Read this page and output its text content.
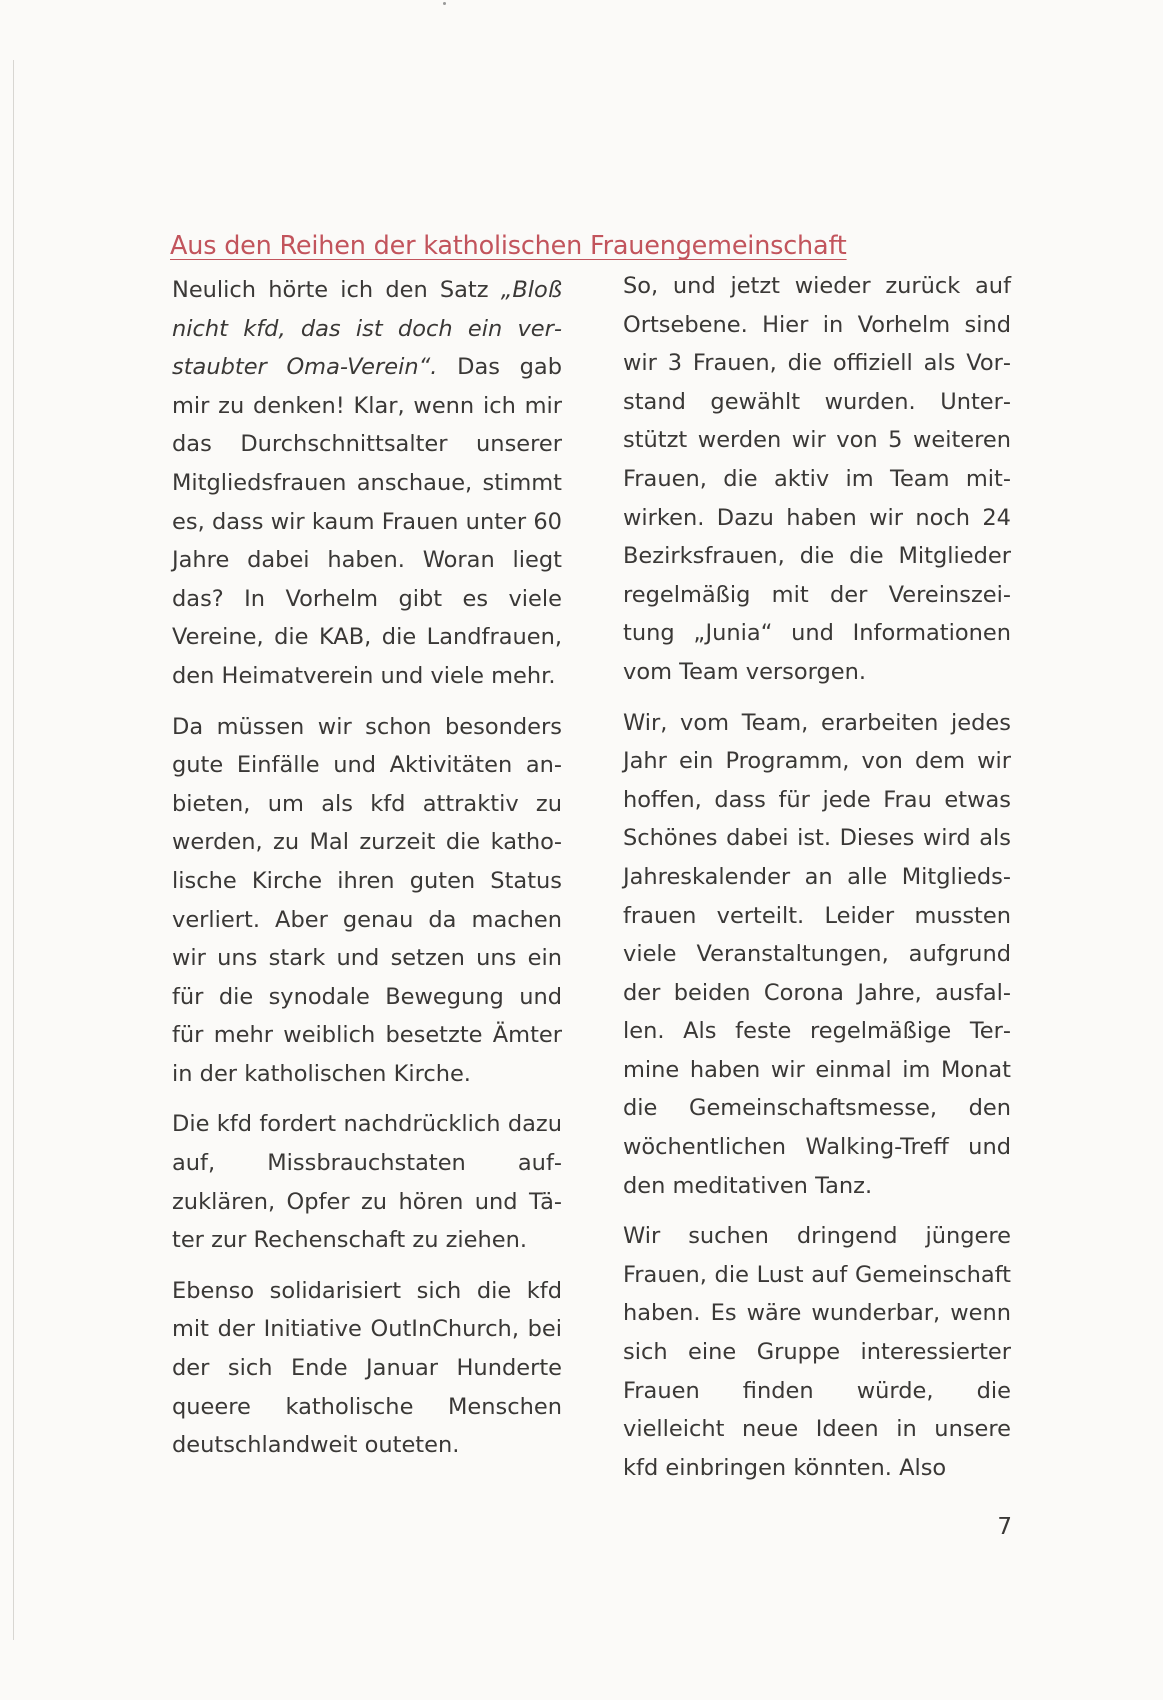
Aus den Reihen der katholischen Frauengemeinschaft

Neulich hörte ich den Satz „Bloß nicht kfd, das ist doch ein verstaubter Oma-Verein“. Das gab mir zu denken! Klar, wenn ich mir das Durchschnittsalter unserer Mitgliedsfrauen anschaue, stimmt es, dass wir kaum Frauen unter 60 Jahre dabei haben. Woran liegt das? In Vorhelm gibt es viele Vereine, die KAB, die Landfrauen, den Heimatverein und viele mehr.

Da müssen wir schon besonders gute Einfälle und Aktivitäten anbieten, um als kfd attraktiv zu werden, zu Mal zurzeit die katholische Kirche ihren guten Status verliert. Aber genau da machen wir uns stark und setzen uns ein für die synodale Bewegung und für mehr weiblich besetzte Ämter in der katholischen Kirche.

Die kfd fordert nachdrücklich dazu auf, Missbrauchstaten aufzuklären, Opfer zu hören und Täter zur Rechenschaft zu ziehen.

Ebenso solidarisiert sich die kfd mit der Initiative OutInChurch, bei der sich Ende Januar Hunderte queere katholische Menschen deutschlandweit outeten.

So, und jetzt wieder zurück auf Ortsebene. Hier in Vorhelm sind wir 3 Frauen, die offiziell als Vorstand gewählt wurden. Unterstützt werden wir von 5 weiteren Frauen, die aktiv im Team mitwirken. Dazu haben wir noch 24 Bezirksfrauen, die die Mitglieder regelmäßig mit der Vereinszeitung „Junia“ und Informationen vom Team versorgen.

Wir, vom Team, erarbeiten jedes Jahr ein Programm, von dem wir hoffen, dass für jede Frau etwas Schönes dabei ist. Dieses wird als Jahreskalender an alle Mitgliedsfrauen verteilt. Leider mussten viele Veranstaltungen, aufgrund der beiden Corona Jahre, ausfallen. Als feste regelmäßige Termine haben wir einmal im Monat die Gemeinschaftsmesse, den wöchentlichen Walking-Treff und den meditativen Tanz.

Wir suchen dringend jüngere Frauen, die Lust auf Gemeinschaft haben. Es wäre wunderbar, wenn sich eine Gruppe interessierter Frauen finden würde, die vielleicht neue Ideen in unsere kfd einbringen könnten. Also

7
